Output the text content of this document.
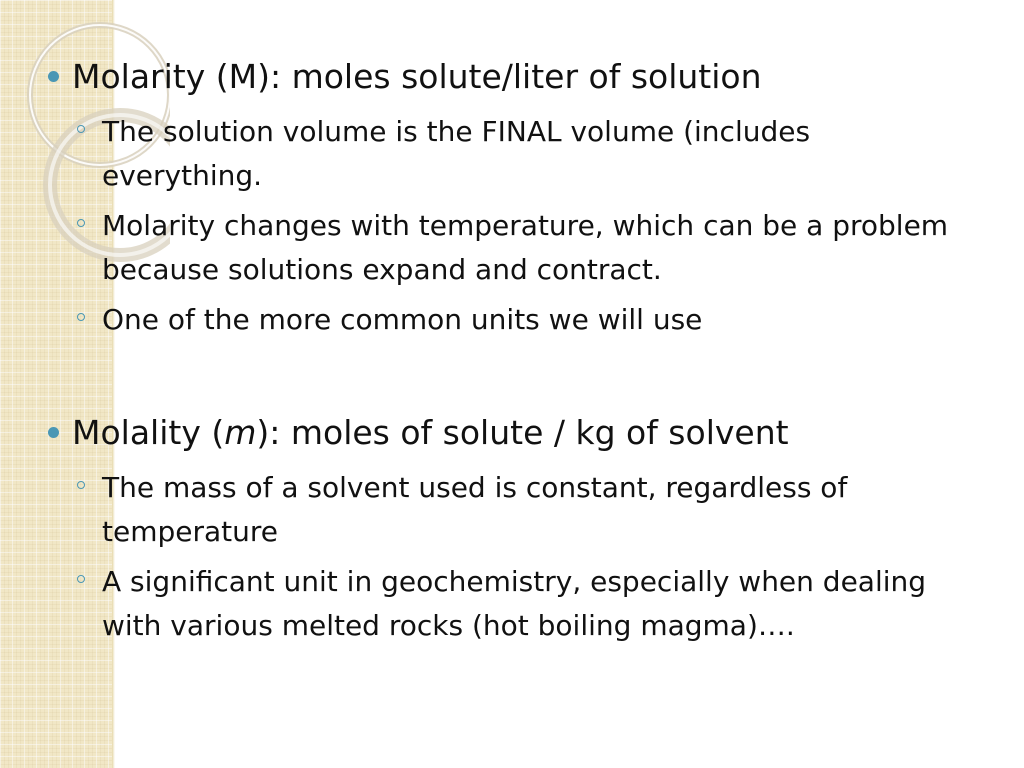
Molarity (M): moles solute/liter of solution
The solution volume is the FINAL volume (includes everything.
Molarity changes with temperature, which can be a problem because solutions expand and contract.
One of the more common units we will use
Molality (m): moles of solute / kg of solvent
The mass of a solvent used is constant, regardless of temperature
A significant unit in geochemistry, especially when dealing with various melted rocks (hot boiling magma)….
